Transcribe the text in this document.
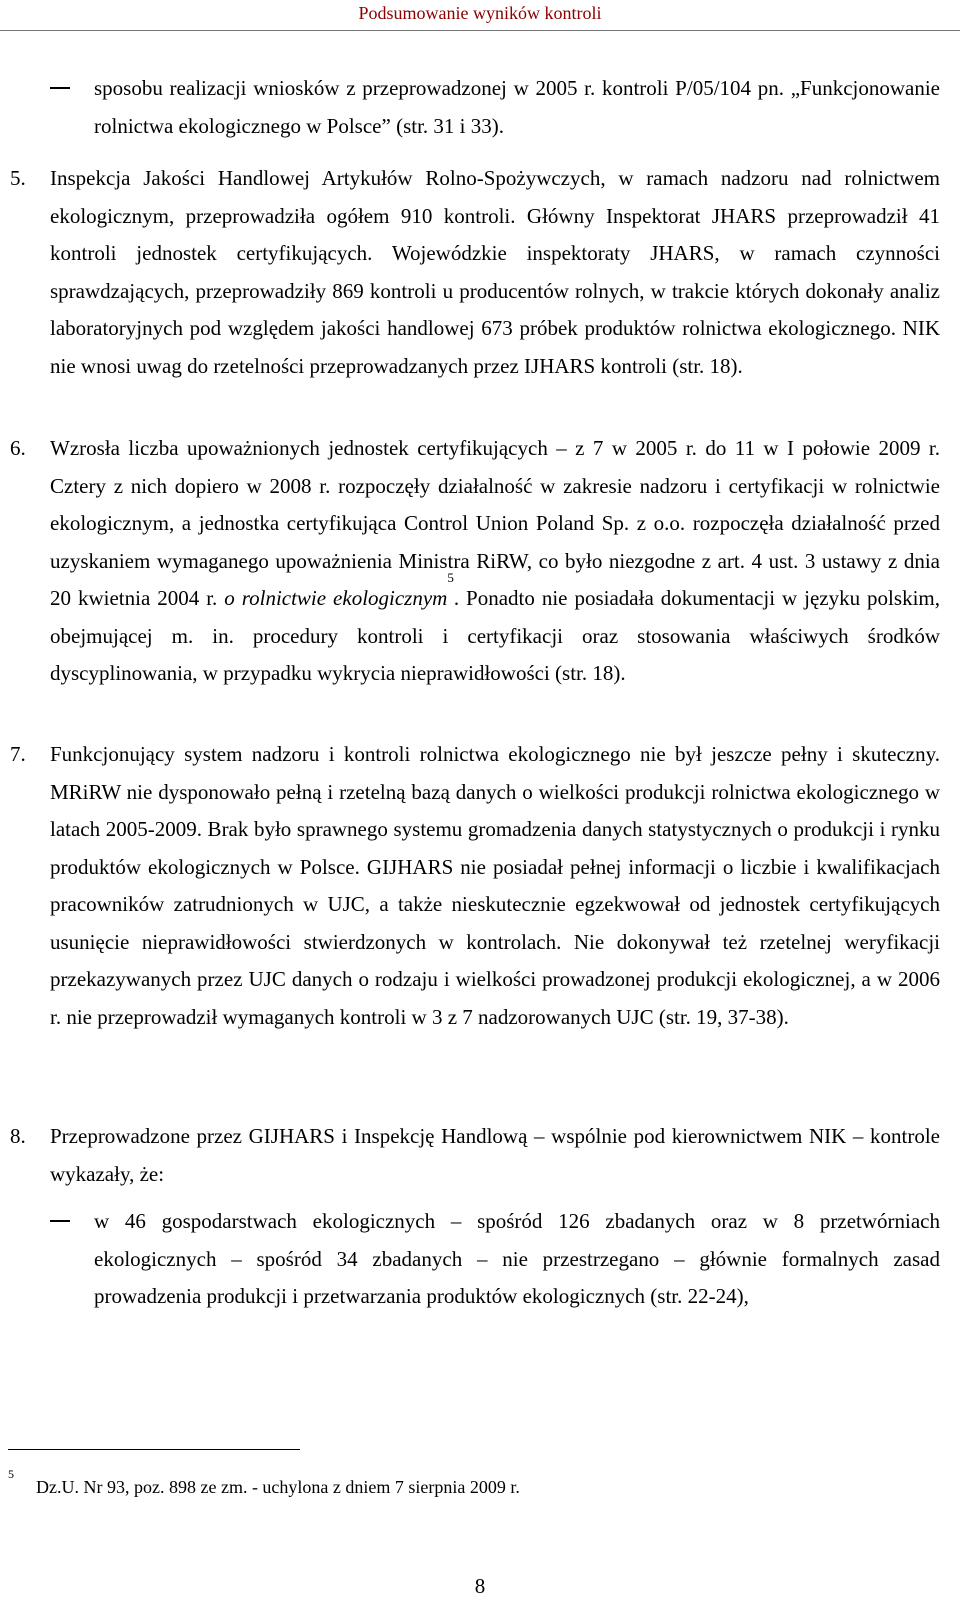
Podsumowanie wyników kontroli
sposobu realizacji wniosków z przeprowadzonej w 2005 r. kontroli P/05/104 pn. „Funkcjonowanie rolnictwa ekologicznego w Polsce” (str. 31 i 33).
5.	Inspekcja Jakości Handlowej Artykułów Rolno-Spożywczych, w ramach nadzoru nad rolnictwem ekologicznym, przeprowadziła ogółem 910 kontroli. Główny Inspektorat JHARS przeprowadził 41 kontroli jednostek certyfikujących. Wojewódzkie inspektoraty JHARS, w ramach czynności sprawdzających, przeprowadziły 869 kontroli u producentów rolnych, w trakcie których dokonały analiz laboratoryjnych pod względem jakości handlowej 673 próbek produktów rolnictwa ekologicznego. NIK nie wnosi uwag do rzetelności przeprowadzanych przez IJHARS kontroli (str. 18).
6.	Wzrosła liczba upoważnionych jednostek certyfikujących – z 7 w 2005 r. do 11 w I połowie 2009 r. Cztery z nich dopiero w 2008 r. rozpoczęły działalność w zakresie nadzoru i certyfikacji w rolnictwie ekologicznym, a jednostka certyfikująca Control Union Poland Sp. z o.o. rozpoczęła działalność przed uzyskaniem wymaganego upoważnienia Ministra RiRW, co było niezgodne z art. 4 ust. 3 ustawy z dnia 20 kwietnia 2004 r. o rolnictwie ekologicznym$^5$. Ponadto nie posiadała dokumentacji w języku polskim, obejmującej m. in. procedury kontroli i certyfikacji oraz stosowania właściwych środków dyscyplinowania, w przypadku wykrycia nieprawidłowości (str. 18).
7.	Funkcjonujący system nadzoru i kontroli rolnictwa ekologicznego nie był jeszcze pełny i skuteczny. MRiRW nie dysponowało pełną i rzetelną bazą danych o wielkości produkcji rolnictwa ekologicznego w latach 2005-2009. Brak było sprawnego systemu gromadzenia danych statystycznych o produkcji i rynku produktów ekologicznych w Polsce. GIJHARS nie posiadał pełnej informacji o liczbie i kwalifikacjach pracowników zatrudnionych w UJC, a także nieskutecznie egzekwował od jednostek certyfikujących usunięcie nieprawidłowości stwierdzonych w kontrolach. Nie dokonywał też rzetelnej weryfikacji przekazywanych przez UJC danych o rodzaju i wielkości prowadzonej produkcji ekologicznej, a w 2006 r. nie przeprowadził wymaganych kontroli w 3 z 7 nadzorowanych UJC (str. 19, 37-38).
8.	Przeprowadzone przez GIJHARS i Inspekcję Handlową – wspólnie pod kierownictwem NIK – kontrole wykazały, że:
w 46 gospodarstwach ekologicznych – spośród 126 zbadanych oraz w 8 przetwórniach ekologicznych – spośród 34 zbadanych – nie przestrzegano – głównie formalnych zasad prowadzenia produkcji i przetwarzania produktów ekologicznych (str. 22-24),
5
Dz.U. Nr 93, poz. 898 ze zm. - uchylona z dniem 7 sierpnia 2009 r.
8
